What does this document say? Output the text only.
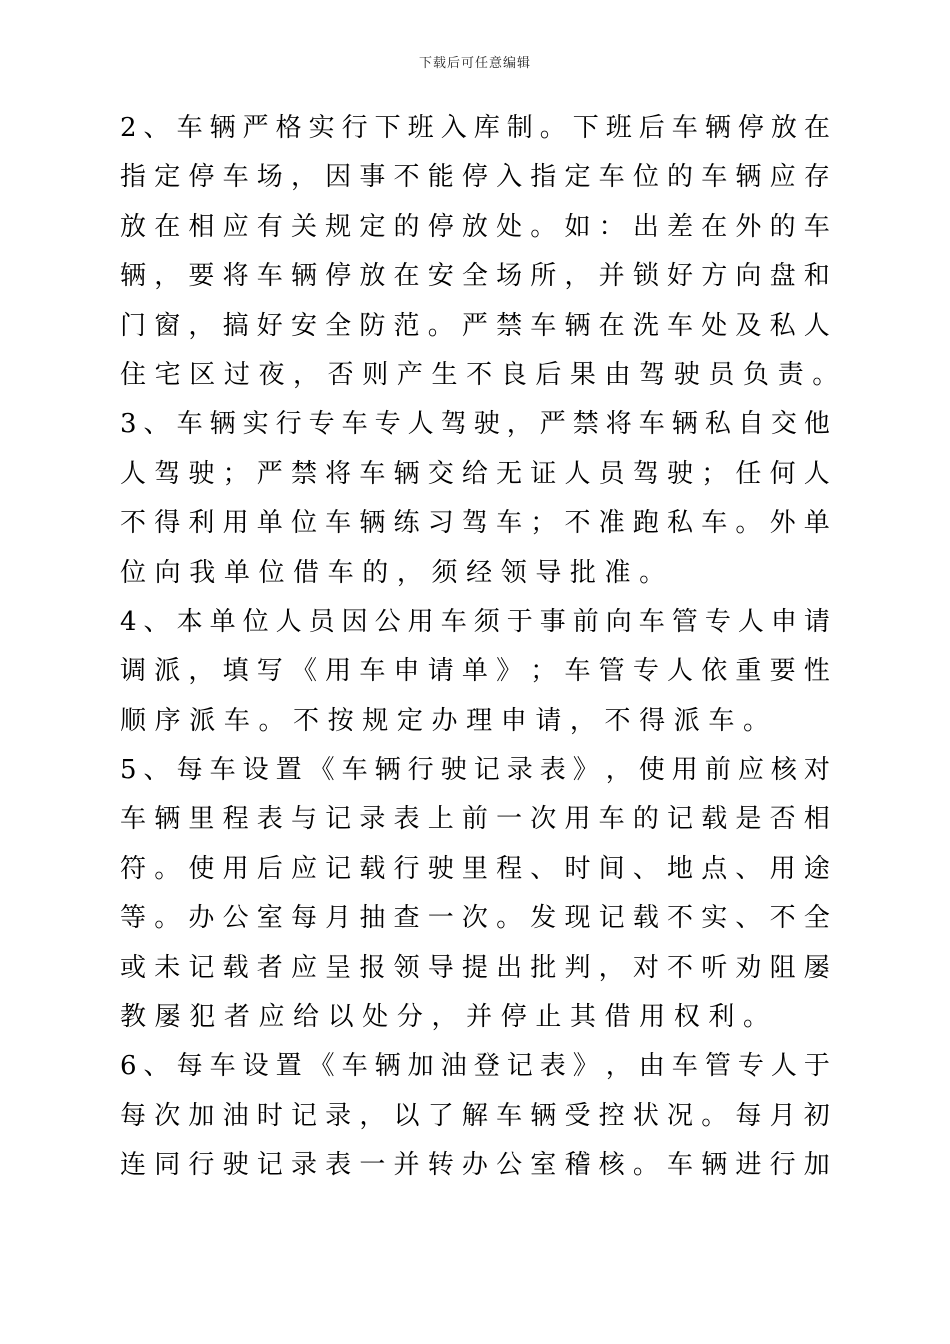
下载后可任意编辑
2 、 车 辆 严 格 实 行 下 班 入 库 制 。 下 班 后 车 辆 停 放 在
指 定 停 车 场 ， 因 事 不 能 停 入 指 定 车 位 的 车 辆 应 存
放 在 相 应 有 关 规 定 的 停 放 处 。 如 ： 出 差 在 外 的 车
辆 ， 要 将 车 辆 停 放 在 安 全 场 所 ， 并 锁 好 方 向 盘 和
门 窗 ， 搞 好 安 全 防 范 。 严 禁 车 辆 在 洗 车 处 及 私 人
住 宅 区 过 夜 ， 否 则 产 生 不 良 后 果 由 驾 驶 员 负 责 。
3 、 车 辆 实 行 专 车 专 人 驾 驶 ， 严 禁 将 车 辆 私 自 交 他
人 驾 驶 ； 严 禁 将 车 辆 交 给 无 证 人 员 驾 驶 ； 任 何 人
不 得 利 用 单 位 车 辆 练 习 驾 车 ； 不 准 跑 私 车 。 外 单
位 向 我 单 位 借 车 的 ， 须 经 领 导 批 准 。
4 、 本 单 位 人 员 因 公 用 车 须 于 事 前 向 车 管 专 人 申 请
调 派 ， 填 写 《 用 车 申 请 单 》 ； 车 管 专 人 依 重 要 性
顺 序 派 车 。 不 按 规 定 办 理 申 请 ， 不 得 派 车 。
5 、 每 车 设 置 《 车 辆 行 驶 记 录 表 》 ， 使 用 前 应 核 对
车 辆 里 程 表 与 记 录 表 上 前 一 次 用 车 的 记 载 是 否 相
符 。 使 用 后 应 记 载 行 驶 里 程 、 时 间 、 地 点 、 用 途
等 。 办 公 室 每 月 抽 查 一 次 。 发 现 记 载 不 实 、 不 全
或 未 记 载 者 应 呈 报 领 导 提 出 批 判 ， 对 不 听 劝 阻 屡
教 屡 犯 者 应 给 以 处 分 ， 并 停 止 其 借 用 权 利 。
6 、 每 车 设 置 《 车 辆 加 油 登 记 表 》 ， 由 车 管 专 人 于
每 次 加 油 时 记 录 ， 以 了 解 车 辆 受 控 状 况 。 每 月 初
连 同 行 驶 记 录 表 一 并 转 办 公 室 稽 核 。 车 辆 进 行 加
